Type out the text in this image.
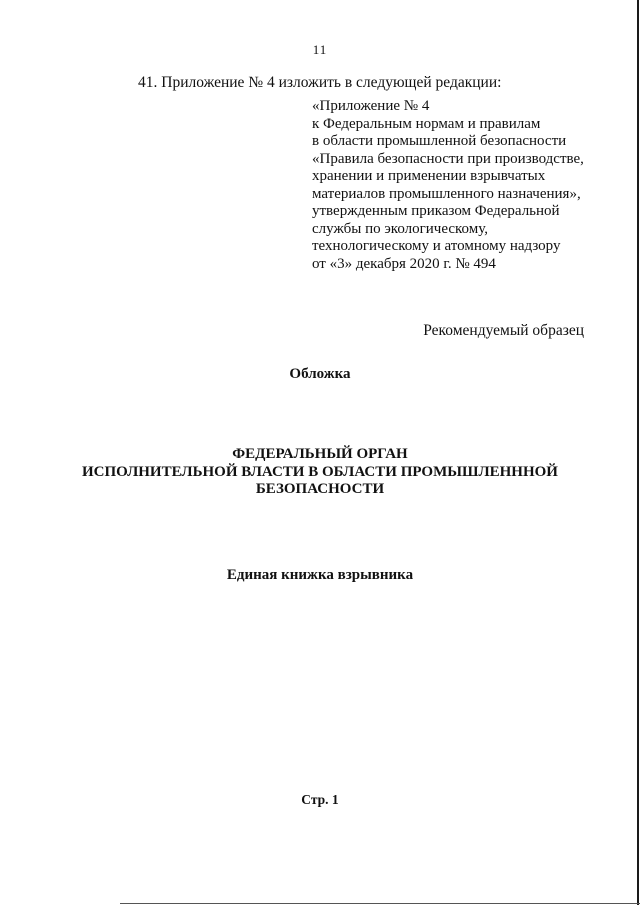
11
41. Приложение № 4 изложить в следующей редакции:
«Приложение № 4
к Федеральным нормам и правилам
в области промышленной безопасности
«Правила безопасности при производстве,
хранении и применении взрывчатых
материалов промышленного назначения»,
утвержденным приказом Федеральной
службы по экологическому,
технологическому и атомному надзору
от «3» декабря 2020 г. № 494
Рекомендуемый образец
Обложка
ФЕДЕРАЛЬНЫЙ ОРГАН
ИСПОЛНИТЕЛЬНОЙ ВЛАСТИ В ОБЛАСТИ ПРОМЫШЛЕНННОЙ
БЕЗОПАСНОСТИ
Единая книжка взрывника
Стр. 1
